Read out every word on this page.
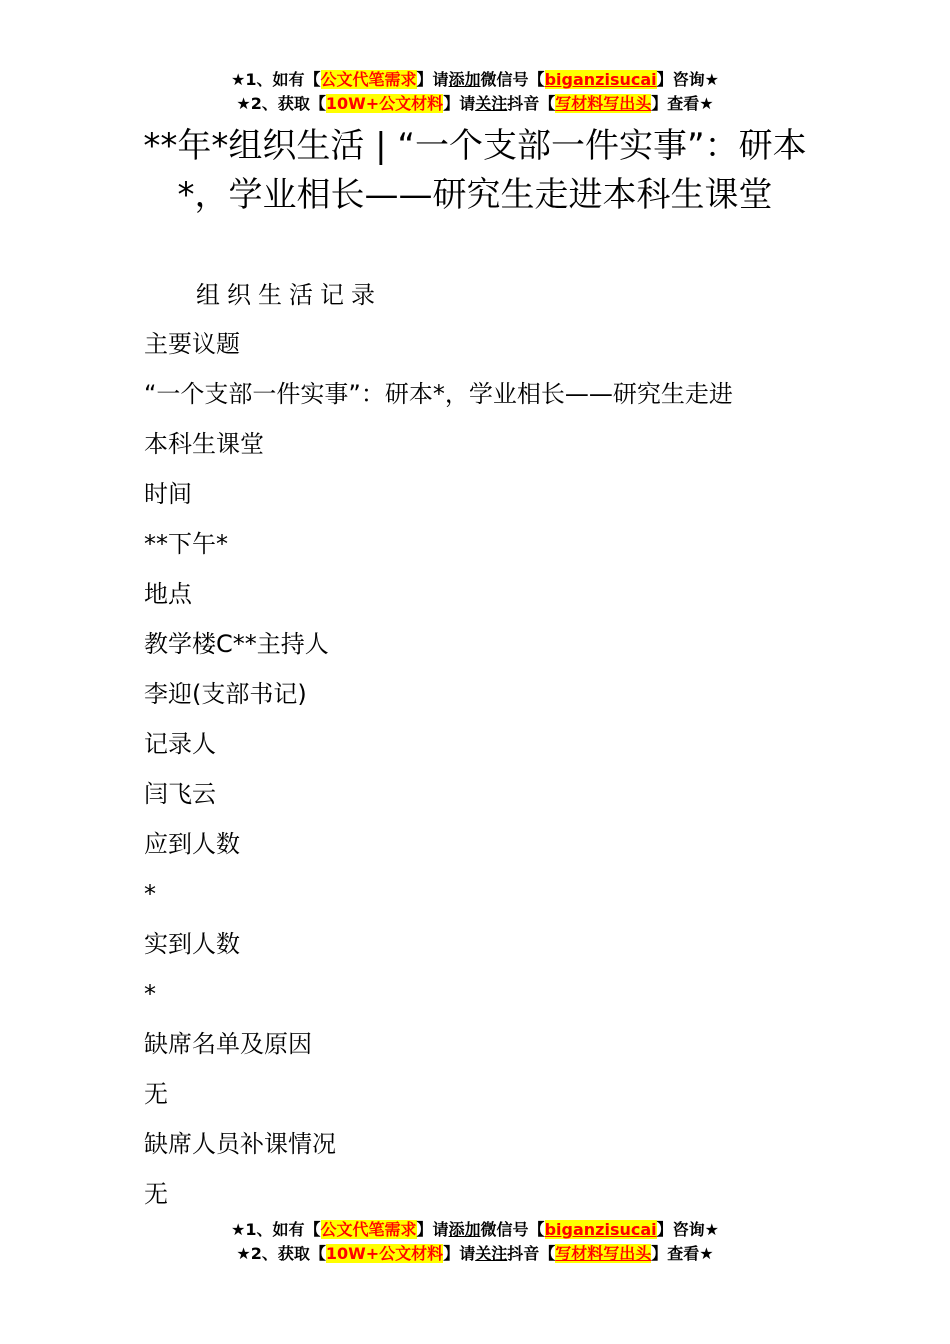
★1、如有【公文代笔需求】请添加微信号【biganzisucai】咨询★
★2、获取【10W+公文材料】请关注抖音【写材料写出头】查看★
**年*组织生活 | “一个支部一件实事”：研本*，学业相长——研究生走进本科生课堂
组织生活记录
主要议题
“一个支部一件实事”：研本*，学业相长——研究生走进
本科生课堂
时间
**下午*
地点
教学楼C**主持人
李迎(支部书记)
记录人
闫飞云
应到人数
*
实到人数
*
缺席名单及原因
无
缺席人员补课情况
无
★1、如有【公文代笔需求】请添加微信号【biganzisucai】咨询★
★2、获取【10W+公文材料】请关注抖音【写材料写出头】查看★
